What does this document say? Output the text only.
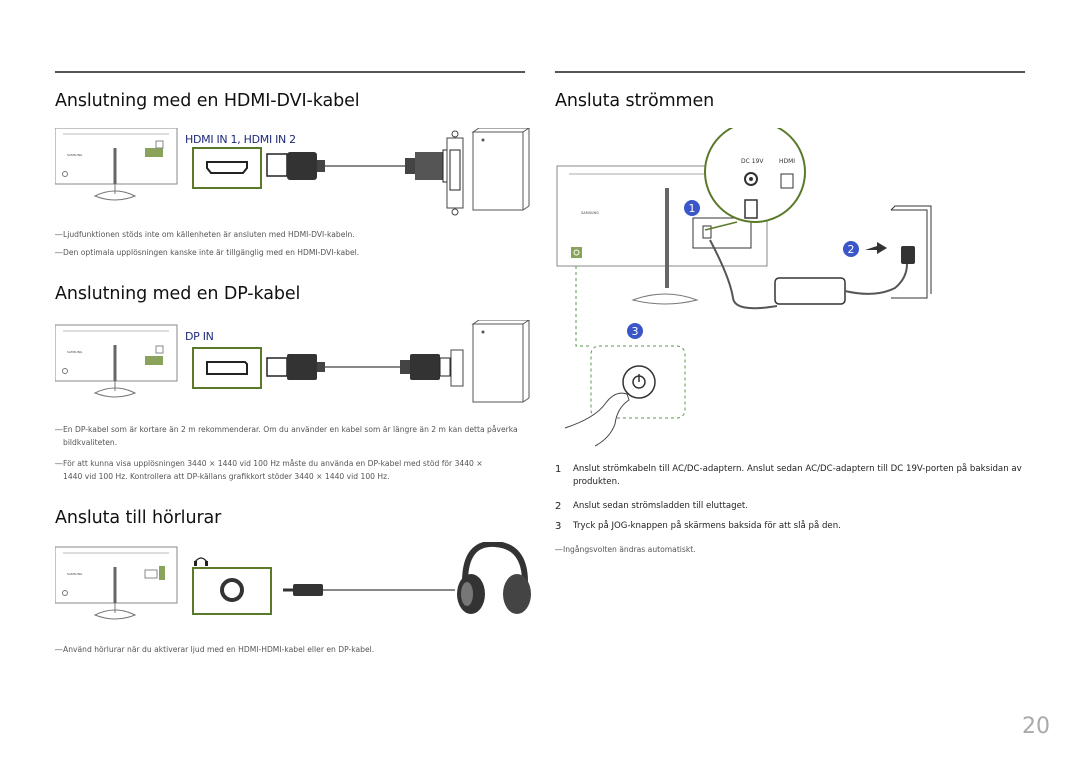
Anslutning med en HDMI-DVI-kabel
HDMI IN 1, HDMI IN 2
SAMSUNG
― Ljudfunktionen stöds inte om källenheten är ansluten med HDMI-DVI-kabeln.
― Den optimala upplösningen kanske inte är tillgänglig med en HDMI-DVI-kabel.
Anslutning med en DP-kabel
DP IN
SAMSUNG
― En DP-kabel som är kortare än 2 m rekommenderar. Om du använder en kabel som är längre än 2 m kan detta påverka bildkvaliteten.
― För att kunna visa upplösningen 3440 × 1440 vid 100 Hz måste du använda en DP-kabel med stöd för 3440 × 1440 vid 100 Hz. Kontrollera att DP-källans grafikkort stöder 3440 × 1440 vid 100 Hz.
Ansluta till hörlurar
SAMSUNG
― Använd hörlurar när du aktiverar ljud med en HDMI-HDMI-kabel eller en DP-kabel.
Ansluta strömmen
SAMSUNG
DC 19V	HDMI
1
2
3
1	Anslut strömkabeln till AC/DC-adaptern. Anslut sedan AC/DC-adaptern till DC 19V-porten på baksidan av produkten.
2	Anslut sedan strömsladden till eluttaget.
3	Tryck på JOG-knappen på skärmens baksida för att slå på den.
― Ingångsvolten ändras automatiskt.
20
